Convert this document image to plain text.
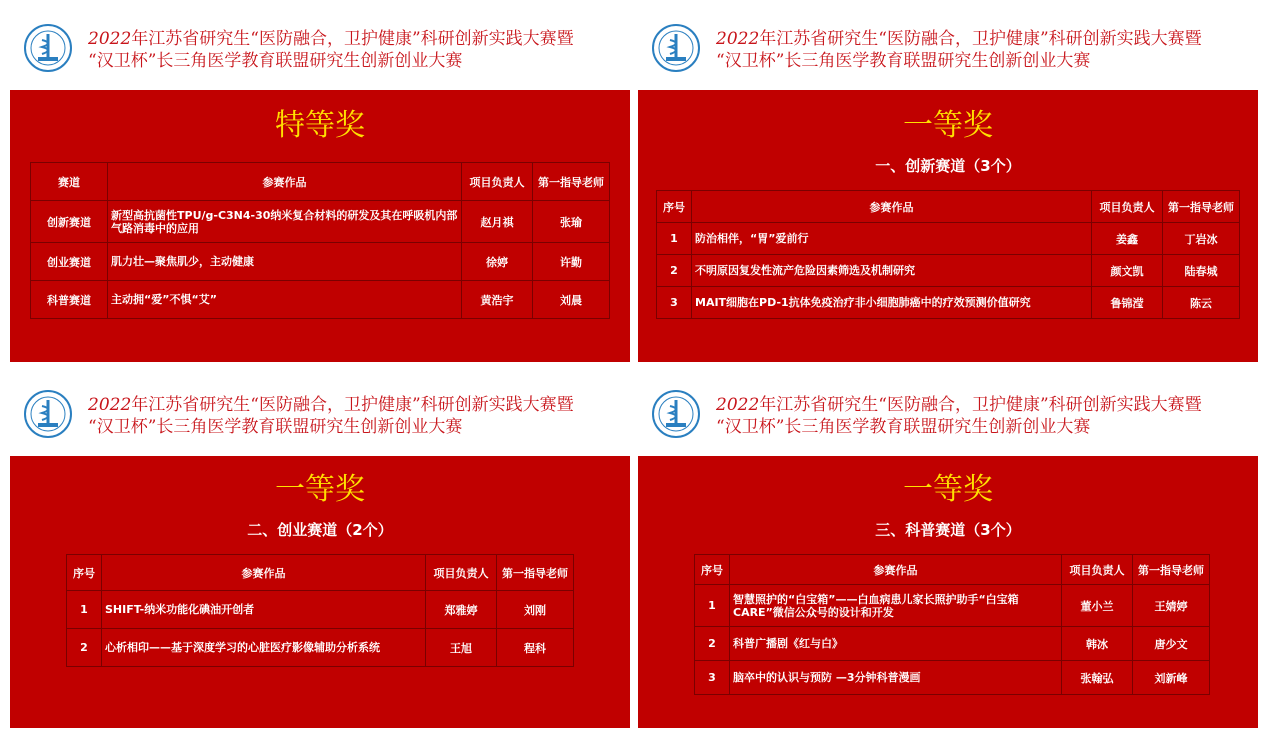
2022年江苏省研究生“医防融合，卫护健康”科研创新实践大赛暨
“汉卫杯”长三角医学教育联盟研究生创新创业大赛
特等奖
赛道	参赛作品	项目负责人	第一指导老师
创新赛道	新型高抗菌性TPU/g-C3N4-30纳米复合材料的研发及其在呼吸机内部气路消毒中的应用	赵月祺	张瑜
创业赛道	肌力壮—聚焦肌少，主动健康	徐婷	许勤
科普赛道	主动拥“爱”不惧“艾”	黄浩宇	刘晨
2022年江苏省研究生“医防融合，卫护健康”科研创新实践大赛暨
“汉卫杯”长三角医学教育联盟研究生创新创业大赛
一等奖
一、创新赛道（3个）
序号	参赛作品	项目负责人	第一指导老师
1	防治相伴，“胃”爱前行	姜鑫	丁岩冰
2	不明原因复发性流产危险因素筛选及机制研究	颜文凯	陆春城
3	MAIT细胞在PD-1抗体免疫治疗非小细胞肺癌中的疗效预测价值研究	鲁锦滢	陈云
2022年江苏省研究生“医防融合，卫护健康”科研创新实践大赛暨
“汉卫杯”长三角医学教育联盟研究生创新创业大赛
一等奖
二、创业赛道（2个）
序号	参赛作品	项目负责人	第一指导老师
1	SHIFT-纳米功能化碘油开创者	郑雅婷	刘刚
2	心析相印——基于深度学习的心脏医疗影像辅助分析系统	王旭	程科
2022年江苏省研究生“医防融合，卫护健康”科研创新实践大赛暨
“汉卫杯”长三角医学教育联盟研究生创新创业大赛
一等奖
三、科普赛道（3个）
序号	参赛作品	项目负责人	第一指导老师
1	智慧照护的“白宝箱”——白血病患儿家长照护助手“白宝箱CARE”微信公众号的设计和开发	董小兰	王婧婷
2	科普广播剧《红与白》	韩冰	唐少文
3	脑卒中的认识与预防 —3分钟科普漫画	张翰弘	刘新峰
